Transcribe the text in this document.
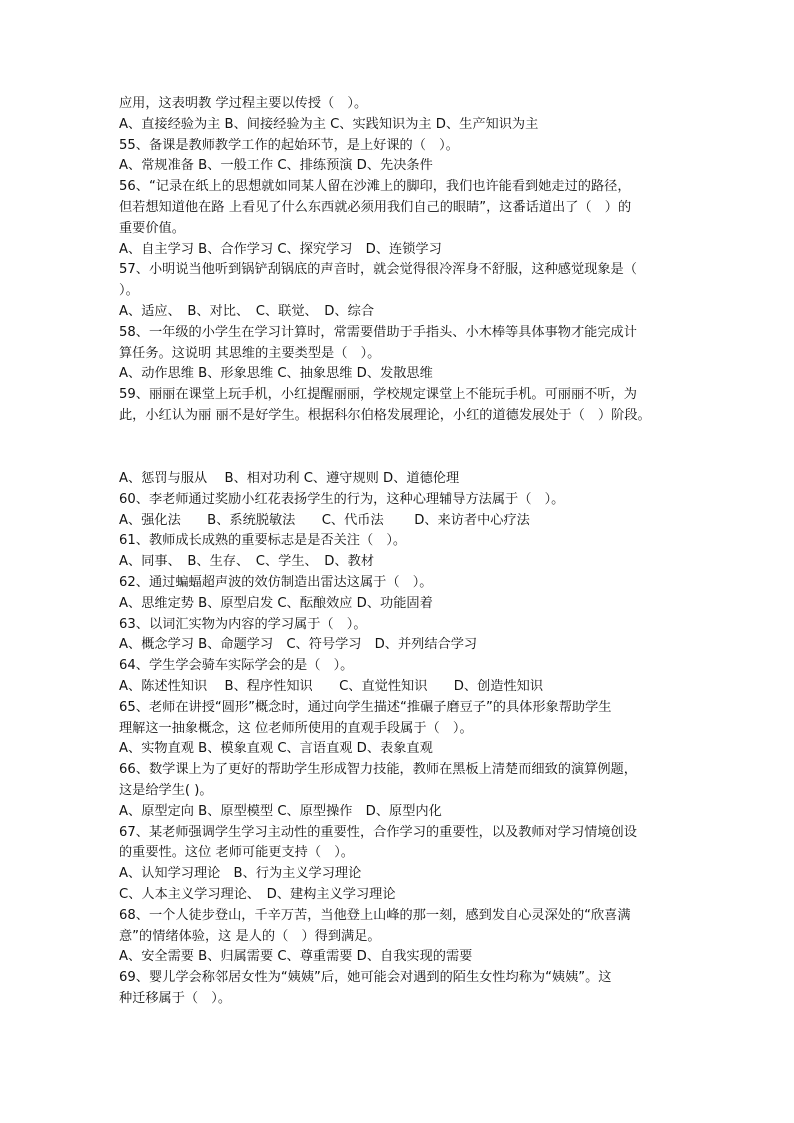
应用，这表明教 学过程主要以传授（　）。
A、直接经验为主 B、间接经验为主 C、实践知识为主 D、生产知识为主
55、备课是教师教学工作的起始环节，是上好课的（　）。
A、常规准备 B、一般工作 C、排练预演 D、先决条件
56、“记录在纸上的思想就如同某人留在沙滩上的脚印，我们也许能看到她走过的路径，
但若想知道他在路 上看见了什么东西就必须用我们自己的眼睛”，这番话道出了（　）的
重要价值。
A、自主学习 B、合作学习 C、探究学习　D、连锁学习
57、小明说当他听到锅铲刮锅底的声音时，就会觉得很冷浑身不舒服，这种感觉现象是（
）。
A、适应、　B、对比、　C、联觉、　D、综合
58、一年级的小学生在学习计算时，常需要借助于手指头、小木棒等具体事物才能完成计
算任务。这说明 其思维的主要类型是（　）。
A、动作思维 B、形象思维 C、抽象思维 D、发散思维
59、丽丽在课堂上玩手机，小红提醒丽丽，学校规定课堂上不能玩手机。可丽丽不听，为
此，小红认为丽 丽不是好学生。根据科尔伯格发展理论，小红的道德发展处于（　）阶段。
A、惩罚与服从　 B、相对功利 C、遵守规则 D、道德伦理
60、李老师通过奖励小红花表扬学生的行为，这种心理辅导方法属于（　）。
A、强化法　　B、系统脱敏法　　C、代币法　　 D、来访者中心疗法
61、教师成长成熟的重要标志是是否关注（　）。
A、同事、　B、生存、　C、学生、　D、教材
62、通过蝙蝠超声波的效仿制造出雷达这属于（　）。
A、思维定势 B、原型启发 C、酝酿效应 D、功能固着
63、以词汇实物为内容的学习属于（　）。
A、概念学习 B、命题学习　C、符号学习　D、并列结合学习
64、学生学会骑车实际学会的是（　）。
A、陈述性知识　 B、程序性知识　　C、直觉性知识　　D、创造性知识
65、老师在讲授“圆形”概念时，通过向学生描述“推碾子磨豆子”的具体形象帮助学生
理解这一抽象概念，这 位老师所使用的直观手段属于（　）。
A、实物直观 B、模象直观 C、言语直观 D、表象直观
66、数学课上为了更好的帮助学生形成智力技能，教师在黑板上清楚而细致的演算例题，
这是给学生( )。
A、原型定向 B、原型模型 C、原型操作　D、原型内化
67、某老师强调学生学习主动性的重要性，合作学习的重要性，以及教师对学习情境创设
的重要性。这位 老师可能更支持（　）。
A、认知学习理论　B、行为主义学习理论
C、人本主义学习理论、　D、建构主义学习理论
68、一个人徒步登山，千辛万苦，当他登上山峰的那一刻，感到发自心灵深处的“欣喜满
意”的情绪体验，这 是人的（　）得到满足。
A、安全需要 B、归属需要 C、尊重需要 D、自我实现的需要
69、婴儿学会称邻居女性为“姨姨”后，她可能会对遇到的陌生女性均称为“姨姨”。这
种迁移属于（　）。
